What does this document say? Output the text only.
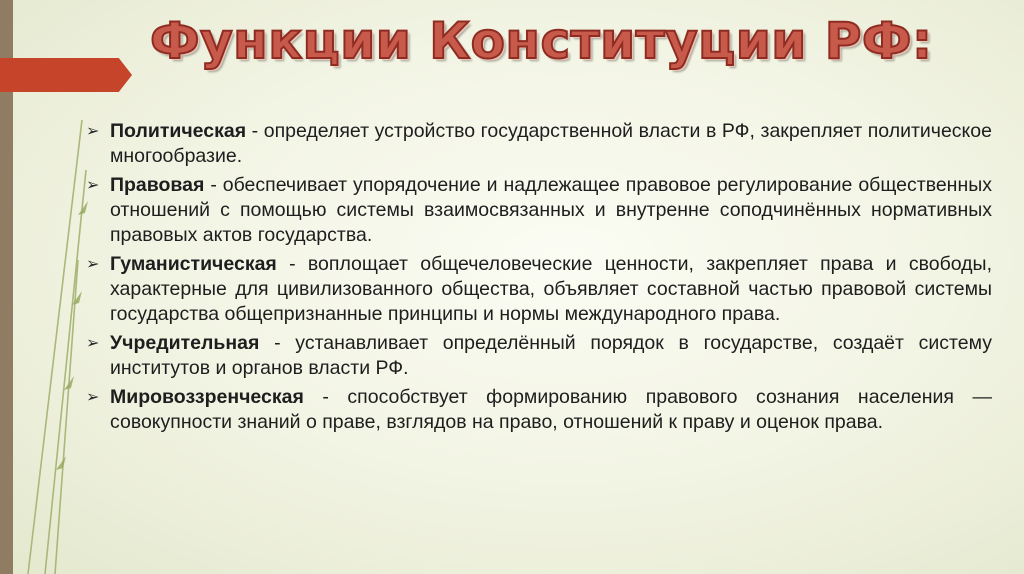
Функции Конституции РФ:
➢ Политическая - определяет устройство государственной власти в РФ, закрепляет политическое многообразие.
➢ Правовая - обеспечивает упорядочение и надлежащее правовое регулирование общественных отношений с помощью системы взаимосвязанных и внутренне соподчинённых нормативных правовых актов государства.
➢ Гуманистическая - воплощает общечеловеческие ценности, закрепляет права и свободы, характерные для цивилизованного общества, объявляет составной частью правовой системы государства общепризнанные принципы и нормы международного права.
➢ Учредительная - устанавливает определённый порядок в государстве, создаёт систему институтов и органов власти РФ.
➢ Мировоззренческая - способствует формированию правового сознания населения — совокупности знаний о праве, взглядов на право, отношений к праву и оценок права.
